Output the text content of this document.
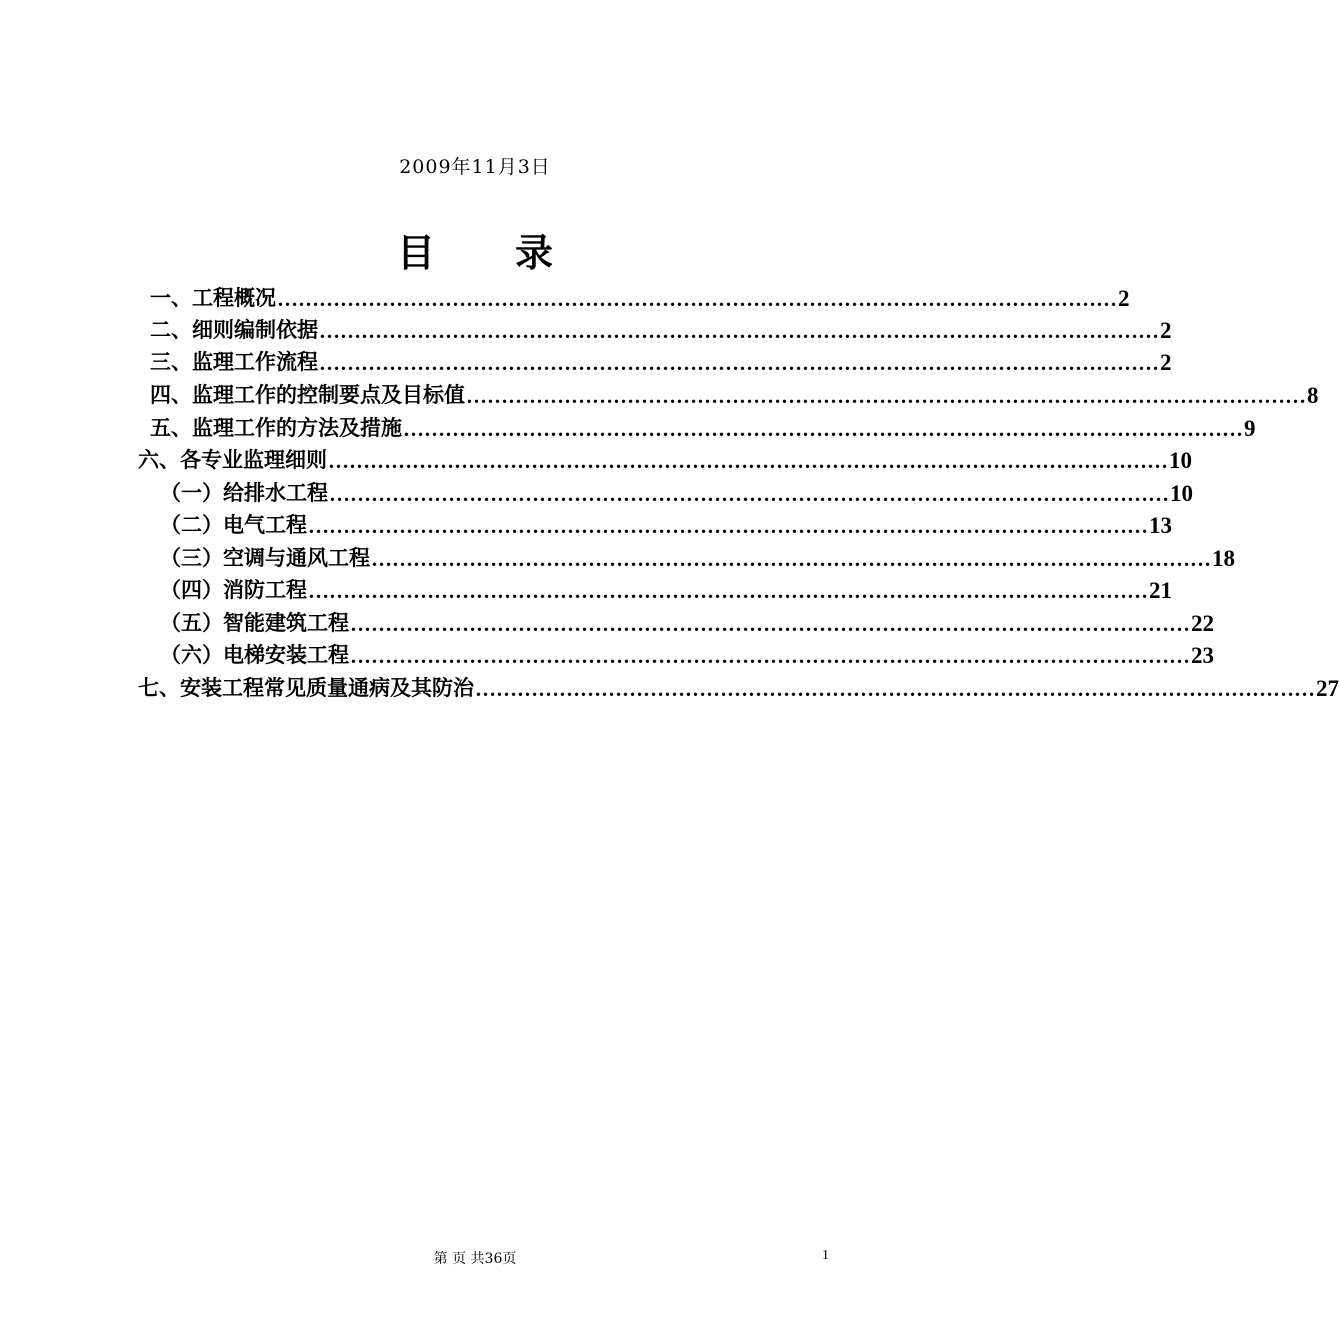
2009年11月3日
目录
一、 工程概况 ………………………………………………………………………………………………………… 2
二、 细则编制依据 ………………………………………………………………………………………………………… 2
三、 监理工作流程 ………………………………………………………………………………………………………… 2
四、 监理工作的控制要点及目标值 ………………………………………………………………………………………………………… 8
五、 监理工作的方法及措施 ………………………………………………………………………………………………………… 9
六、 各专业监理细则 ………………………………………………………………………………………………………… 10
（一） 给排水工程 ………………………………………………………………………………………………………… 10
（二） 电气工程 ………………………………………………………………………………………………………… 13
（三） 空调与通风工程 ………………………………………………………………………………………………………… 18
（四） 消防工程 ………………………………………………………………………………………………………… 21
（五） 智能建筑工程 ………………………………………………………………………………………………………… 22
（六） 电梯安装工程 ………………………………………………………………………………………………………… 23
七、 安装工程常见质量通病及其防治 ………………………………………………………………………………………………………… 27
第 页 共36页	1
